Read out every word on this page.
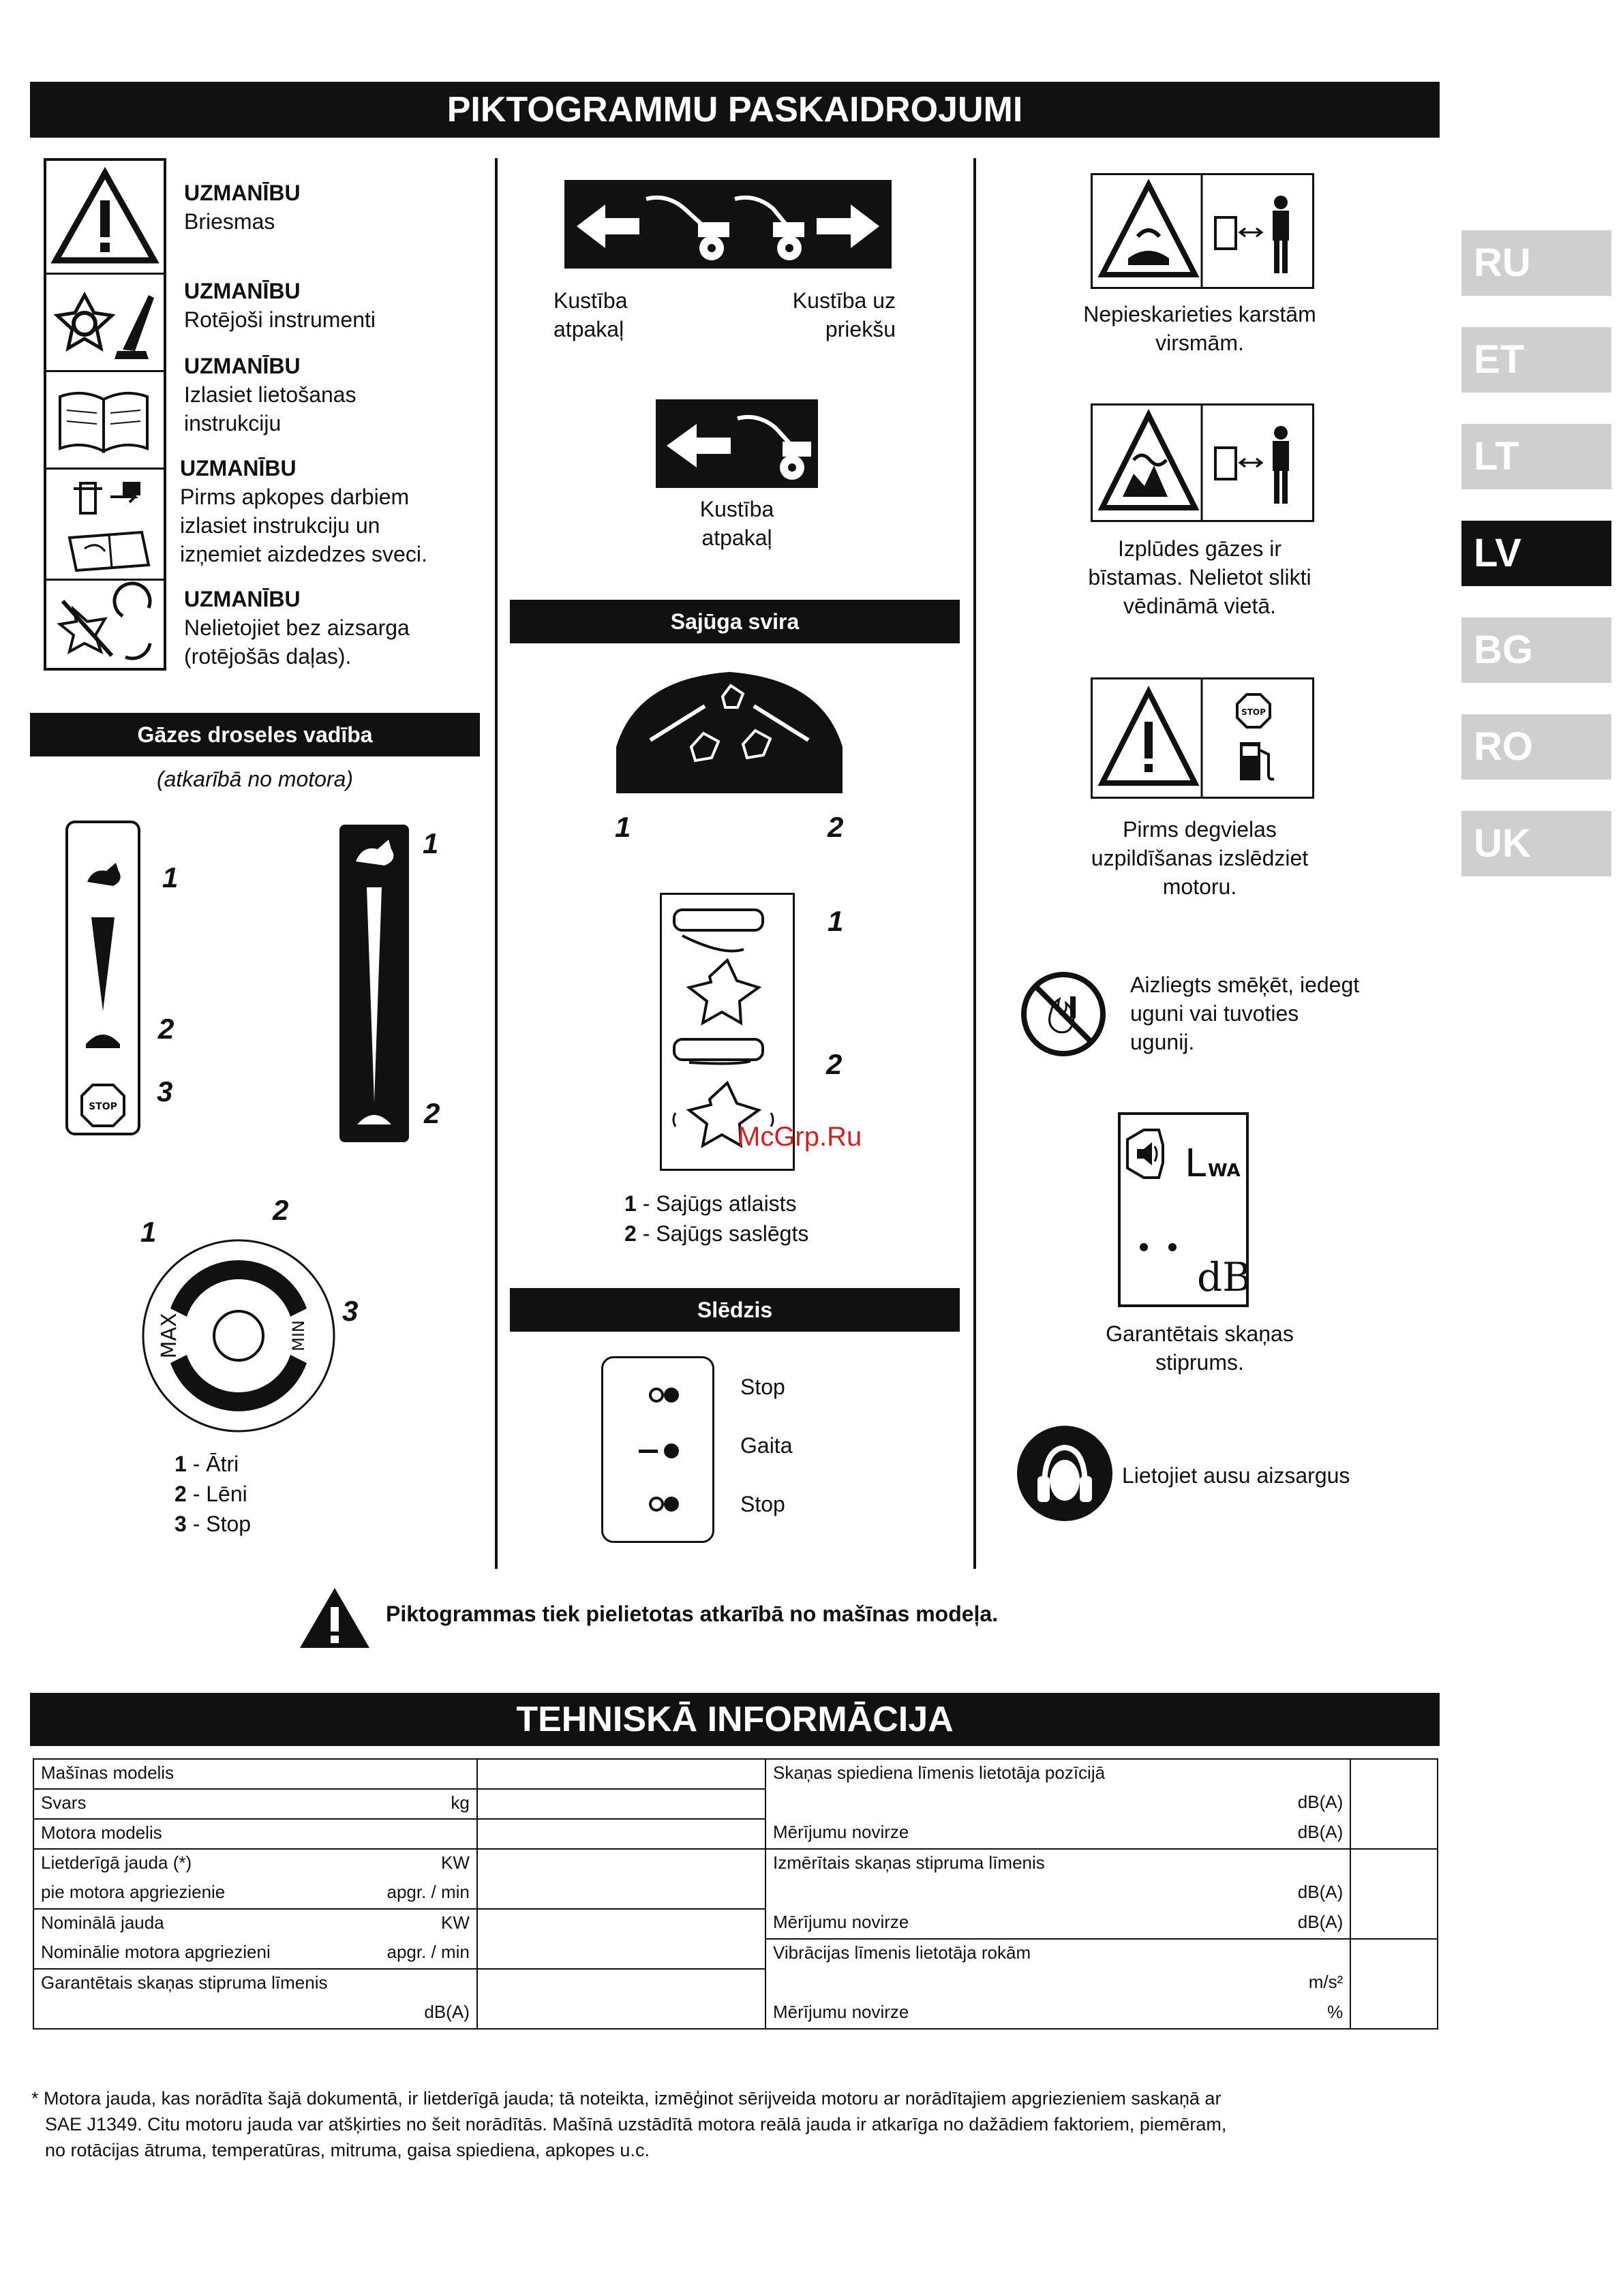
PIKTOGRAMMU PASKAIDROJUMI
UZMANĪBU
Briesmas
UZMANĪBU
Rotējoši instrumenti
UZMANĪBU
Izlasiet lietošanas
instrukciju
UZMANĪBU
Pirms apkopes darbiem
izlasiet instrukciju un
izņemiet aizdedzes sveci.
UZMANĪBU
Nelietojiet bez aizsarga
(rotējošās daļas).
Gāzes droseles vadība
(atkarībā no motora)
STOP
1
2
3
1
2
MAX	MIN
1
2
3
1 - Ātri
2 - Lēni
3 - Stop
Kustība
atpakaļ
Kustība uz
priekšu
Kustība
atpakaļ
Sajūga svira
1	2
1
2
McGrp.Ru
1 - Sajūgs atlaists
2 - Sajūgs saslēgts
Slēdzis
Stop
Gaita
Stop
Nepieskarieties karstām
virsmām.
Izplūdes gāzes ir
bīstamas. Nelietot slikti
vēdināmā vietā.
STOP
Pirms degvielas
uzpildīšanas izslēdziet
motoru.
Aizliegts smēķēt, iedegt
uguni vai tuvoties
ugunij.
L WA
dB
Garantētais skaņas
stiprums.
Lietojiet ausu aizsargus
Piktogrammas tiek pielietotas atkarībā no mašīnas modeļa.
TEHNISKĀ INFORMĀCIJA
Mašīnas modelis

Svars kg	

Motora modelis

Lietderīgā jauda (*) KW	

pie motora apgriezienie apgr. / min	

Nominālā jauda KW	

Nominālie motora apgriezieni apgr. / min	

Garantētais skaņas stipruma līmenis

dB(A)	
Skaņas spiediena līmenis lietotāja pozīcijā

dB(A)	

Mērījumu novirze dB(A)	

Izmērītais skaņas stipruma līmenis

dB(A)	

Mērījumu novirze dB(A)	

Vibrācijas līmenis lietotāja rokām

m/s²	

Mērījumu novirze %	
* Motora jauda, kas norādīta šajā dokumentā, ir lietderīgā jauda; tā noteikta, izmēģinot sērijveida motoru ar norādītajiem apgriezieniem saskaņā ar
SAE J1349. Citu motoru jauda var atšķirties no šeit norādītās. Mašīnā uzstādītā motora reālā jauda ir atkarīga no dažādiem faktoriem, piemēram,
no rotācijas ātruma, temperatūras, mitruma, gaisa spiediena, apkopes u.c.
RU
ET
LT
LV
BG
RO
UK
